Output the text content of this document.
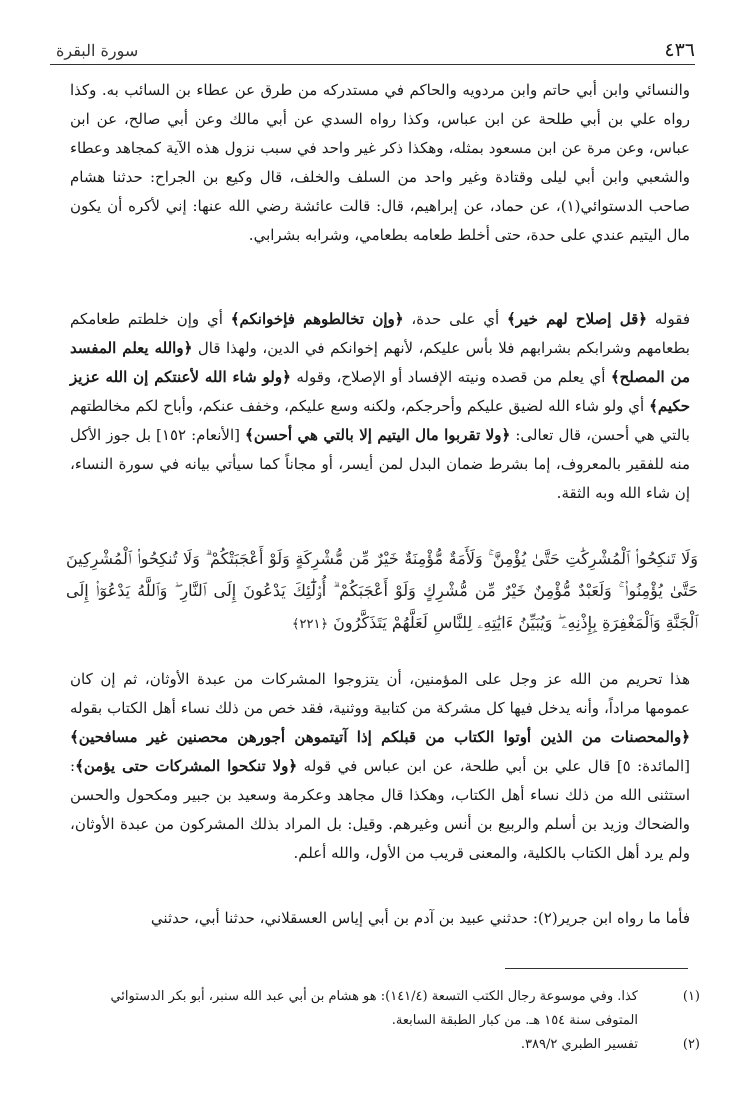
٤٣٦
سورة البقرة
والنسائي وابن أبي حاتم وابن مردويه والحاكم في مستدركه من طرق عن عطاء بن السائب به. وكذا رواه علي بن أبي طلحة عن ابن عباس، وكذا رواه السدي عن أبي مالك وعن أبي صالح، عن ابن عباس، وعن مرة عن ابن مسعود بمثله، وهكذا ذكر غير واحد في سبب نزول هذه الآية كمجاهد وعطاء والشعبي وابن أبي ليلى وقتادة وغير واحد من السلف والخلف، قال وكيع بن الجراح: حدثنا هشام صاحب الدستوائي(١)، عن حماد، عن إبراهيم، قال: قالت عائشة رضي الله عنها: إني لأكره أن يكون مال اليتيم عندي على حدة، حتى أخلط طعامه بطعامي، وشرابه بشرابي.
فقوله ﴿قل إصلاح لهم خير﴾ أي على حدة، ﴿وإن تخالطوهم فإخوانكم﴾ أي وإن خلطتم طعامكم بطعامهم وشرابكم بشرابهم فلا بأس عليكم، لأنهم إخوانكم في الدين، ولهذا قال ﴿والله يعلم المفسد من المصلح﴾ أي يعلم من قصده ونيته الإفساد أو الإصلاح، وقوله ﴿ولو شاء الله لأعنتكم إن الله عزيز حكيم﴾ أي ولو شاء الله لضيق عليكم وأحرجكم، ولكنه وسع عليكم، وخفف عنكم، وأباح لكم مخالطتهم بالتي هي أحسن، قال تعالى: ﴿ولا تقربوا مال اليتيم إلا بالتي هي أحسن﴾ [الأنعام: ١٥٢] بل جوز الأكل منه للفقير بالمعروف، إما بشرط ضمان البدل لمن أيسر، أو مجاناً كما سيأتي بيانه في سورة النساء، إن شاء الله وبه الثقة.
وَلَا تَنكِحُوا۟ ٱلْمُشْرِكَٰتِ حَتَّىٰ يُؤْمِنَّ ۚ وَلَأَمَةٌ مُّؤْمِنَةٌ خَيْرٌ مِّن مُّشْرِكَةٍ وَلَوْ أَعْجَبَتْكُمْ ۗ وَلَا تُنكِحُوا۟ ٱلْمُشْرِكِينَ حَتَّىٰ يُؤْمِنُوا۟ ۚ وَلَعَبْدٌ مُّؤْمِنٌ خَيْرٌ مِّن مُّشْرِكٍ وَلَوْ أَعْجَبَكُمْ ۗ أُو۟لَٰٓئِكَ يَدْعُونَ إِلَى ٱلنَّارِ ۖ وَٱللَّهُ يَدْعُوٓا۟ إِلَى ٱلْجَنَّةِ وَٱلْمَغْفِرَةِ بِإِذْنِهِۦ ۖ وَيُبَيِّنُ ءَايَٰتِهِۦ لِلنَّاسِ لَعَلَّهُمْ يَتَذَكَّرُونَ ﴿٢٢١﴾
هذا تحريم من الله عز وجل على المؤمنين، أن يتزوجوا المشركات من عبدة الأوثان، ثم إن كان عمومها مراداً، وأنه يدخل فيها كل مشركة من كتابية ووثنية، فقد خص من ذلك نساء أهل الكتاب بقوله ﴿والمحصنات من الذين أوتوا الكتاب من قبلكم إذا آتيتموهن أجورهن محصنين غير مسافحين﴾ [المائدة: ٥] قال علي بن أبي طلحة، عن ابن عباس في قوله ﴿ولا تنكحوا المشركات حتى يؤمن﴾: استثنى الله من ذلك نساء أهل الكتاب، وهكذا قال مجاهد وعكرمة وسعيد بن جبير ومكحول والحسن والضحاك وزيد بن أسلم والربيع بن أنس وغيرهم. وقيل: بل المراد بذلك المشركون من عبدة الأوثان، ولم يرد أهل الكتاب بالكلية، والمعنى قريب من الأول، والله أعلم.
فأما ما رواه ابن جرير(٢): حدثني عبيد بن آدم بن أبي إياس العسقلاني، حدثنا أبي، حدثني
(١)
كذا. وفي موسوعة رجال الكتب التسعة (١٤١/٤): هو هشام بن أبي عبد الله سنبر، أبو بكر الدستوائي
المتوفى سنة ١٥٤ هـ. من كبار الطبقة السابعة.
(٢)
تفسير الطبري ٣٨٩/٢.
